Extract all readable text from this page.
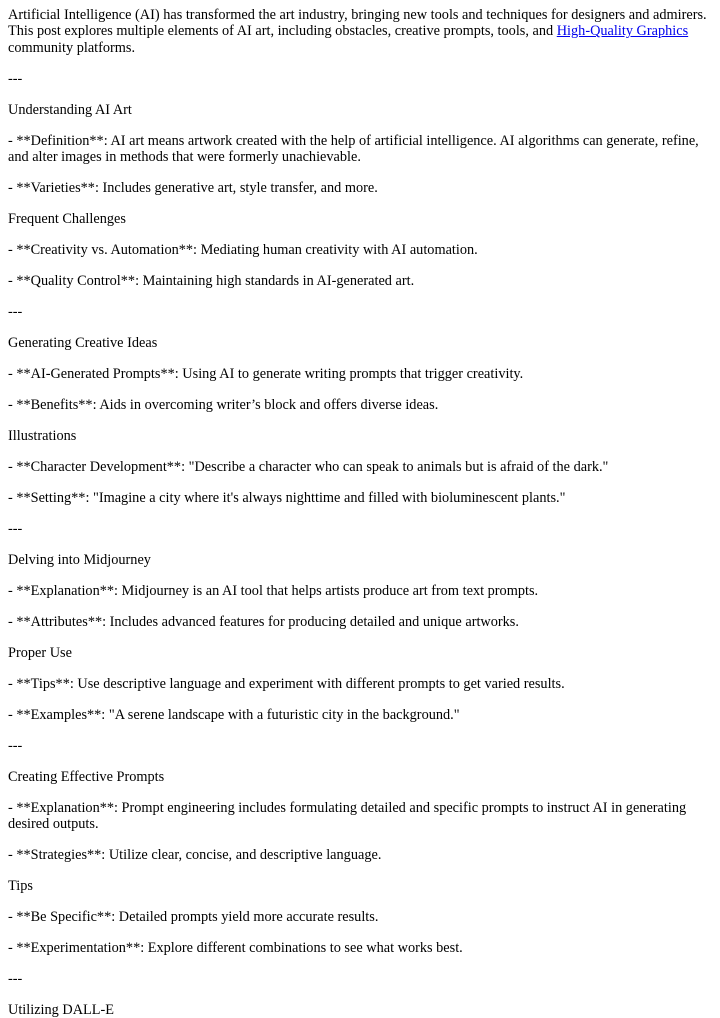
Artificial Intelligence (AI) has transformed the art industry, bringing new tools and techniques for designers and admirers. This post explores multiple elements of AI art, including obstacles, creative prompts, tools, and High-Quality Graphics community platforms.

---

Understanding AI Art

- **Definition**: AI art means artwork created with the help of artificial intelligence. AI algorithms can generate, refine, and alter images in methods that were formerly unachievable.

- **Varieties**: Includes generative art, style transfer, and more.

Frequent Challenges

- **Creativity vs. Automation**: Mediating human creativity with AI automation.

- **Quality Control**: Maintaining high standards in AI-generated art.

---

Generating Creative Ideas

- **AI-Generated Prompts**: Using AI to generate writing prompts that trigger creativity.

- **Benefits**: Aids in overcoming writer’s block and offers diverse ideas.

Illustrations

- **Character Development**: "Describe a character who can speak to animals but is afraid of the dark."

- **Setting**: "Imagine a city where it's always nighttime and filled with bioluminescent plants."

---

Delving into Midjourney

- **Explanation**: Midjourney is an AI tool that helps artists produce art from text prompts.

- **Attributes**: Includes advanced features for producing detailed and unique artworks.

Proper Use

- **Tips**: Use descriptive language and experiment with different prompts to get varied results.

- **Examples**: "A serene landscape with a futuristic city in the background."

---

Creating Effective Prompts

- **Explanation**: Prompt engineering includes formulating detailed and specific prompts to instruct AI in generating desired outputs.

- **Strategies**: Utilize clear, concise, and descriptive language.

Tips

- **Be Specific**: Detailed prompts yield more accurate results.

- **Experimentation**: Explore different combinations to see what works best.

---

Utilizing DALL-E
